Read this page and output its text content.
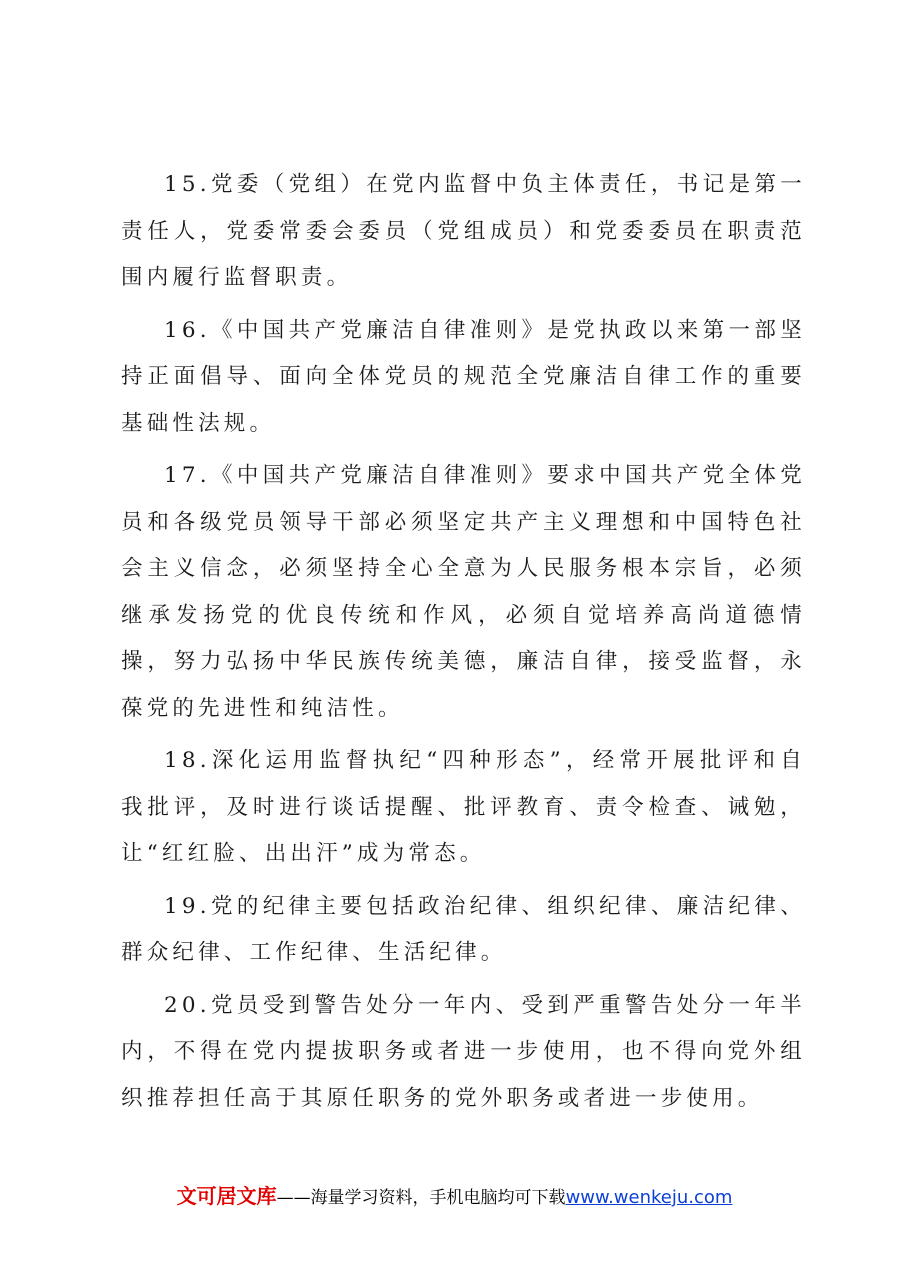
15.党委（党组）在党内监督中负主体责任，书记是第一责任人，党委常委会委员（党组成员）和党委委员在职责范围内履行监督职责。

16.《中国共产党廉洁自律准则》是党执政以来第一部坚持正面倡导、面向全体党员的规范全党廉洁自律工作的重要基础性法规。

17.《中国共产党廉洁自律准则》要求中国共产党全体党员和各级党员领导干部必须坚定共产主义理想和中国特色社会主义信念，必须坚持全心全意为人民服务根本宗旨，必须继承发扬党的优良传统和作风，必须自觉培养高尚道德情操，努力弘扬中华民族传统美德，廉洁自律，接受监督，永葆党的先进性和纯洁性。

18.深化运用监督执纪“四种形态”，经常开展批评和自我批评，及时进行谈话提醒、批评教育、责令检查、诫勉，让“红红脸、出出汗”成为常态。

19.党的纪律主要包括政治纪律、组织纪律、廉洁纪律、群众纪律、工作纪律、生活纪律。

20.党员受到警告处分一年内、受到严重警告处分一年半内，不得在党内提拔职务或者进一步使用，也不得向党外组织推荐担任高于其原任职务的党外职务或者进一步使用。

文可居文库——海量学习资料，手机电脑均可下载www.wenkeju.com
